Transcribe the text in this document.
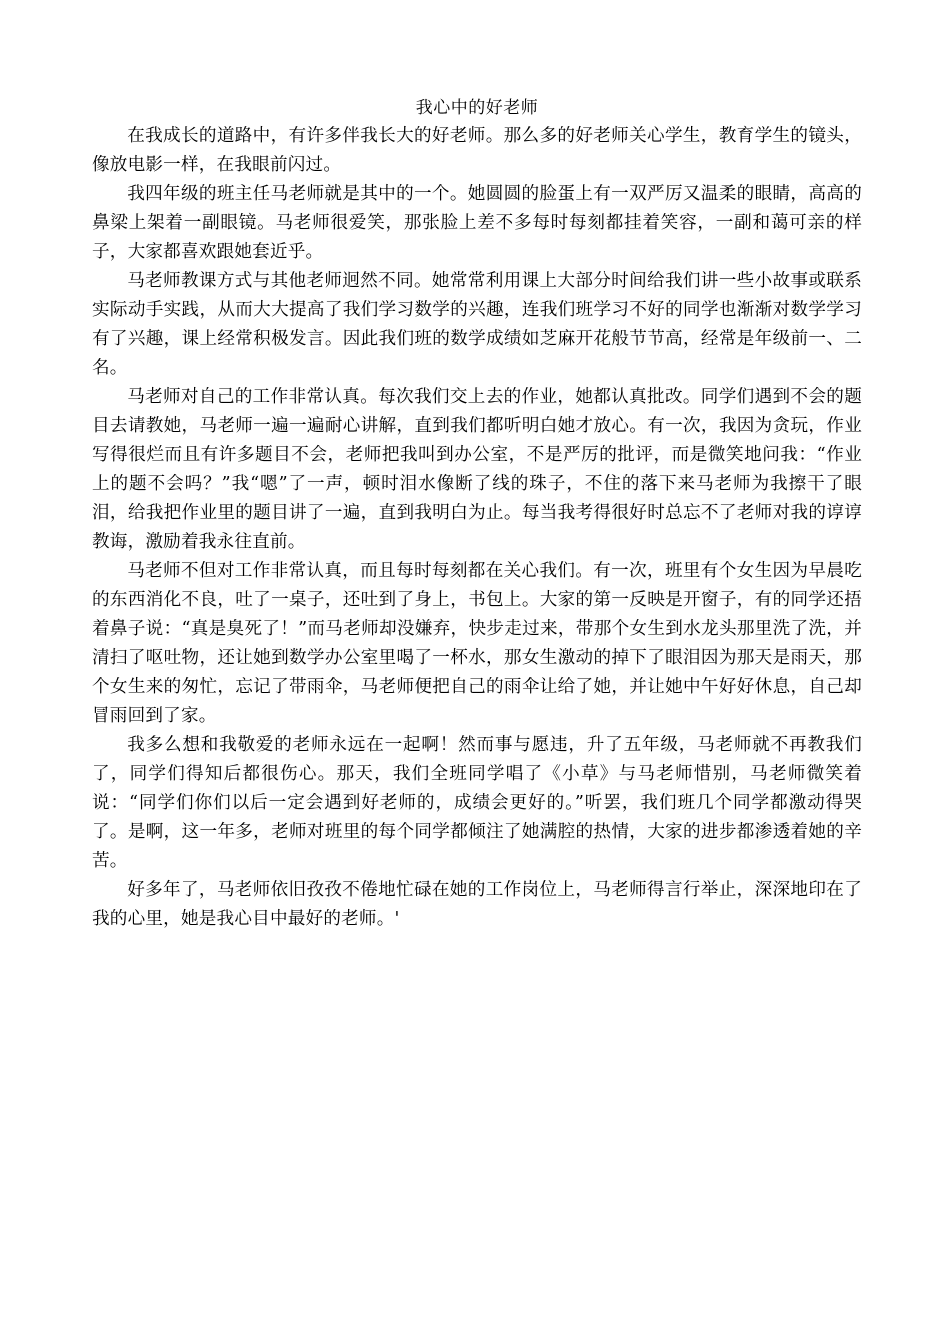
我心中的好老师

在我成长的道路中，有许多伴我长大的好老师。那么多的好老师关心学生，教育学生的镜头，像放电影一样，在我眼前闪过。

我四年级的班主任马老师就是其中的一个。她圆圆的脸蛋上有一双严厉又温柔的眼睛，高高的鼻梁上架着一副眼镜。马老师很爱笑，那张脸上差不多每时每刻都挂着笑容，一副和蔼可亲的样子，大家都喜欢跟她套近乎。

马老师教课方式与其他老师迥然不同。她常常利用课上大部分时间给我们讲一些小故事或联系实际动手实践，从而大大提高了我们学习数学的兴趣，连我们班学习不好的同学也渐渐对数学学习有了兴趣，课上经常积极发言。因此我们班的数学成绩如芝麻开花般节节高，经常是年级前一、二名。

马老师对自己的工作非常认真。每次我们交上去的作业，她都认真批改。同学们遇到不会的题目去请教她，马老师一遍一遍耐心讲解，直到我们都听明白她才放心。有一次，我因为贪玩，作业写得很烂而且有许多题目不会，老师把我叫到办公室，不是严厉的批评，而是微笑地问我：“作业上的题不会吗？”我“嗯”了一声，顿时泪水像断了线的珠子，不住的落下来马老师为我擦干了眼泪，给我把作业里的题目讲了一遍，直到我明白为止。每当我考得很好时总忘不了老师对我的谆谆教诲，激励着我永往直前。

马老师不但对工作非常认真，而且每时每刻都在关心我们。有一次，班里有个女生因为早晨吃的东西消化不良，吐了一桌子，还吐到了身上，书包上。大家的第一反映是开窗子，有的同学还捂着鼻子说：“真是臭死了！”而马老师却没嫌弃，快步走过来，带那个女生到水龙头那里洗了洗，并清扫了呕吐物，还让她到数学办公室里喝了一杯水，那女生激动的掉下了眼泪因为那天是雨天，那个女生来的匆忙，忘记了带雨伞，马老师便把自己的雨伞让给了她，并让她中午好好休息，自己却冒雨回到了家。

我多么想和我敬爱的老师永远在一起啊！然而事与愿违，升了五年级，马老师就不再教我们了，同学们得知后都很伤心。那天，我们全班同学唱了《小草》与马老师惜别，马老师微笑着说：“同学们你们以后一定会遇到好老师的，成绩会更好的。”听罢，我们班几个同学都激动得哭了。是啊，这一年多，老师对班里的每个同学都倾注了她满腔的热情，大家的进步都渗透着她的辛苦。

好多年了，马老师依旧孜孜不倦地忙碌在她的工作岗位上，马老师得言行举止，深深地印在了我的心里，她是我心目中最好的老师。'
